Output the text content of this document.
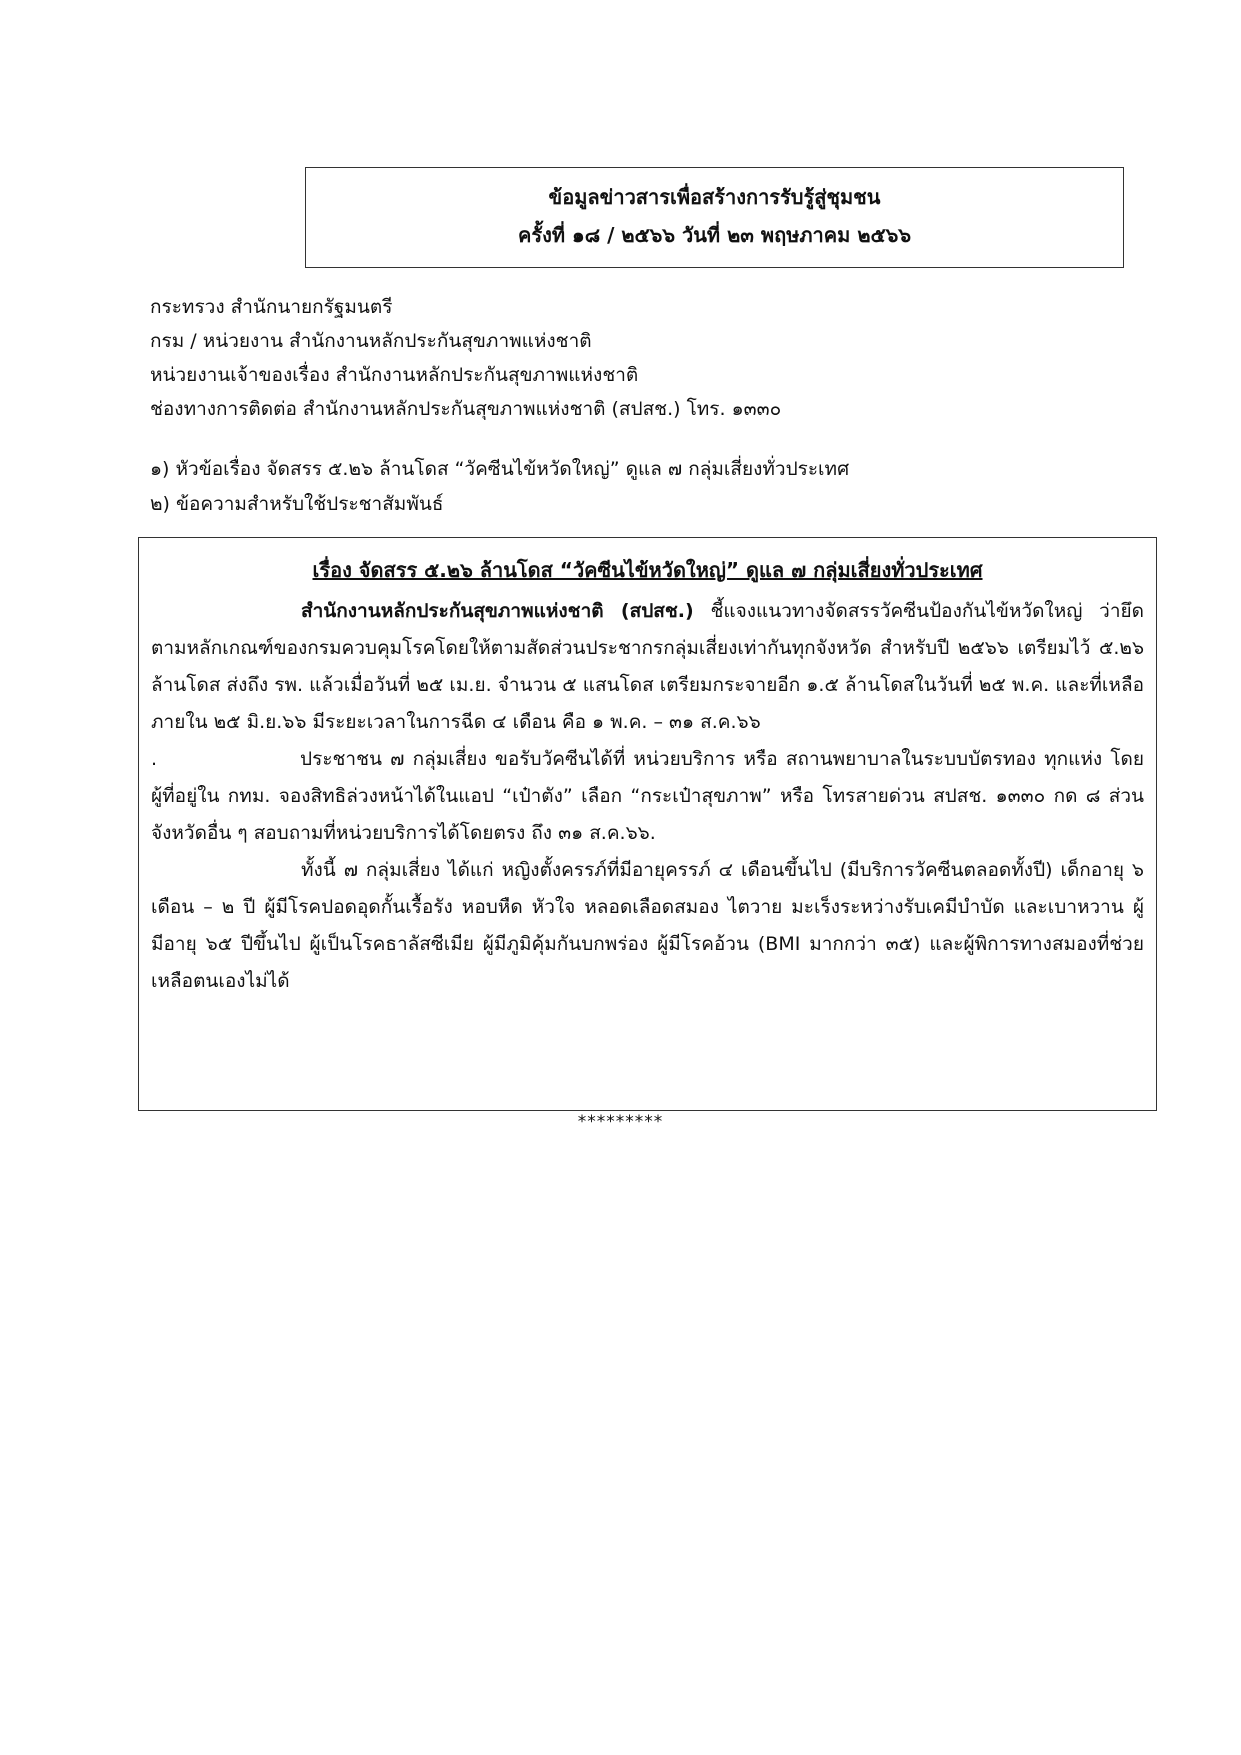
ข้อมูลข่าวสารเพื่อสร้างการรับรู้สู่ชุมชน
ครั้งที่ ๑๘ / ๒๕๖๖ วันที่ ๒๓ พฤษภาคม ๒๕๖๖
กระทรวง สำนักนายกรัฐมนตรี
กรม / หน่วยงาน สำนักงานหลักประกันสุขภาพแห่งชาติ
หน่วยงานเจ้าของเรื่อง สำนักงานหลักประกันสุขภาพแห่งชาติ
ช่องทางการติดต่อ สำนักงานหลักประกันสุขภาพแห่งชาติ (สปสช.) โทร. ๑๓๓๐
๑) หัวข้อเรื่อง จัดสรร ๕.๒๖ ล้านโดส “วัคซีนไข้หวัดใหญ่” ดูแล ๗ กลุ่มเสี่ยงทั่วประเทศ
๒) ข้อความสำหรับใช้ประชาสัมพันธ์
เรื่อง จัดสรร ๕.๒๖ ล้านโดส “วัคซีนไข้หวัดใหญ่” ดูแล ๗ กลุ่มเสี่ยงทั่วประเทศ

สำนักงานหลักประกันสุขภาพแห่งชาติ (สปสช.) ชี้แจงแนวทางจัดสรรวัคซีนป้องกันไข้หวัดใหญ่ ว่ายึดตามหลักเกณฑ์ของกรมควบคุมโรคโดยให้ตามสัดส่วนประชากรกลุ่มเสี่ยงเท่ากันทุกจังหวัด สำหรับปี ๒๕๖๖ เตรียมไว้ ๕.๒๖ ล้านโดส ส่งถึง รพ. แล้วเมื่อวันที่ ๒๕ เม.ย. จำนวน ๕ แสนโดส เตรียมกระจายอีก ๑.๕ ล้านโดสในวันที่ ๒๕ พ.ค. และที่เหลือภายใน ๒๕ มิ.ย.๖๖ มีระยะเวลาในการฉีด ๔ เดือน คือ ๑ พ.ค. – ๓๑ ส.ค.๖๖

.	ประชาชน ๗ กลุ่มเสี่ยง ขอรับวัคซีนได้ที่ หน่วยบริการ หรือ สถานพยาบาลในระบบบัตรทอง ทุกแห่ง โดย ผู้ที่อยู่ใน กทม. จองสิทธิล่วงหน้าได้ในแอป “เป๋าตัง” เลือก “กระเป๋าสุขภาพ” หรือ โทรสายด่วน สปสช. ๑๓๓๐ กด ๘ ส่วนจังหวัดอื่น ๆ สอบถามที่หน่วยบริการได้โดยตรง ถึง ๓๑ ส.ค.๖๖.

ทั้งนี้ ๗ กลุ่มเสี่ยง ได้แก่ หญิงตั้งครรภ์ที่มีอายุครรภ์ ๔ เดือนขึ้นไป (มีบริการวัคซีนตลอดทั้งปี) เด็กอายุ ๖ เดือน – ๒ ปี ผู้มีโรคปอดอุดกั้นเรื้อรัง หอบหืด หัวใจ หลอดเลือดสมอง ไตวาย มะเร็งระหว่างรับเคมีบำบัด และเบาหวาน ผู้มีอายุ ๖๕ ปีขึ้นไป ผู้เป็นโรคธาลัสซีเมีย ผู้มีภูมิคุ้มกันบกพร่อง ผู้มีโรคอ้วน (BMI มากกว่า ๓๕) และผู้พิการทางสมองที่ช่วยเหลือตนเองไม่ได้

*********
